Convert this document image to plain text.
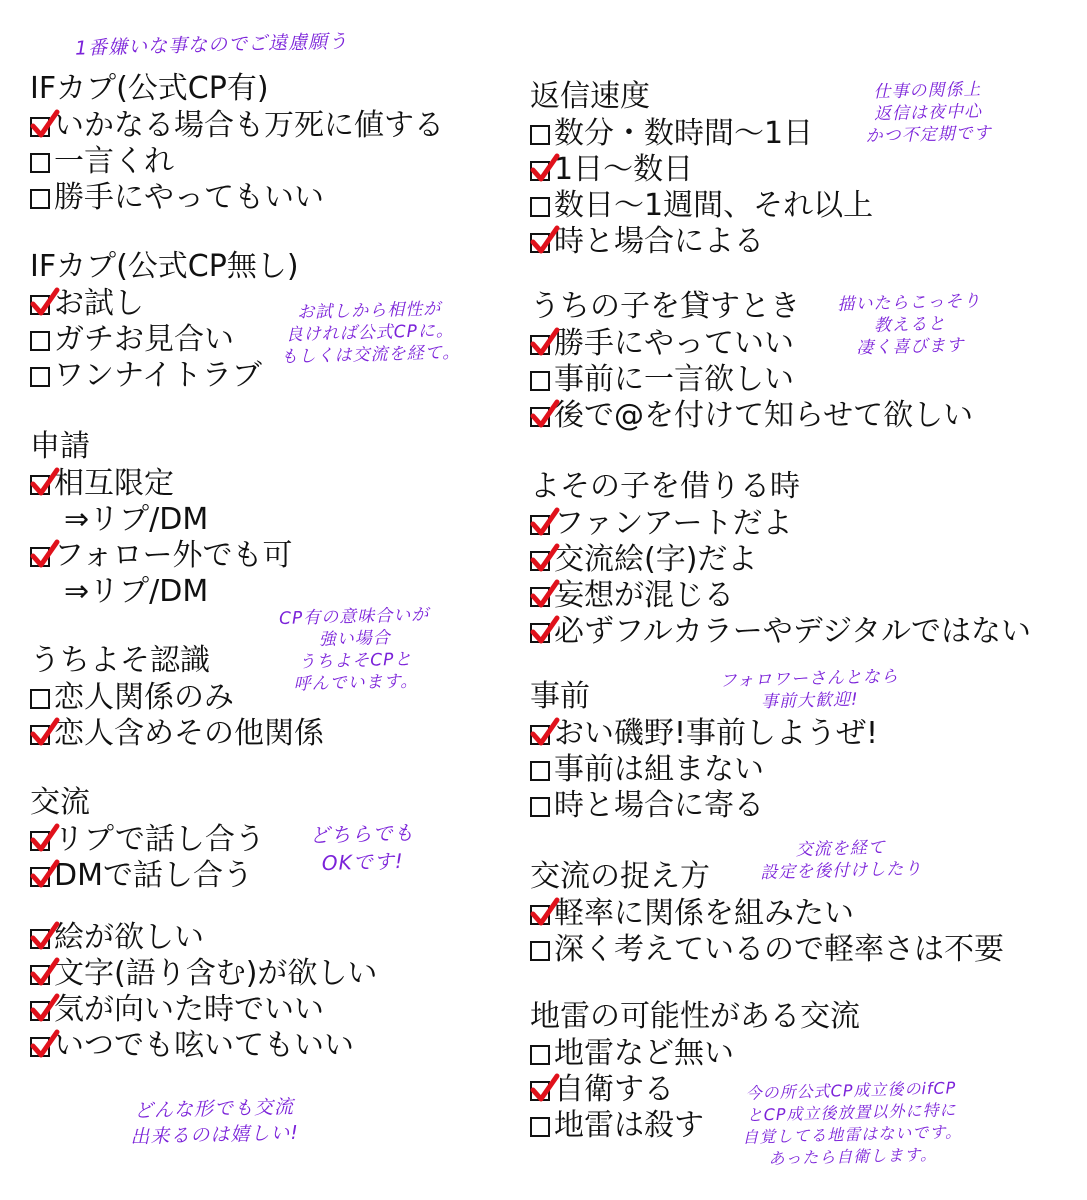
1番嫌いな事なのでご遠慮願う
IFカプ(公式CP有)
いかなる場合も万死に値する
一言くれ
勝手にやってもいい
IFカプ(公式CP無し)
お試し
ガチお見合い
ワンナイトラブ
申請
相互限定
⇒リプ/DM
フォロー外でも可
⇒リプ/DM
うちよそ認識
恋人関係のみ
恋人含めその他関係
交流
リプで話し合う
DMで話し合う
絵が欲しい
文字(語り含む)が欲しい
気が向いた時でいい
いつでも呟いてもいい
返信速度
数分・数時間〜1日
1日〜数日
数日〜1週間、それ以上
時と場合による
うちの子を貸すとき
勝手にやっていい
事前に一言欲しい
後で@を付けて知らせて欲しい
よその子を借りる時
ファンアートだよ
交流絵(字)だよ
妄想が混じる
必ずフルカラーやデジタルではない
事前
おい磯野!事前しようぜ!
事前は組まない
時と場合に寄る
交流の捉え方
軽率に関係を組みたい
深く考えているので軽率さは不要
地雷の可能性がある交流
地雷など無い
自衛する
地雷は殺す
仕事の関係上
返信は夜中心
かつ不定期です
お試しから相性が
良ければ公式CPに。
もしくは交流を経て。
描いたらこっそり
教えると
凄く喜びます
CP有の意味合いが
強い場合
うちよそCPと
呼んでいます。	フォロワーさんとなら
事前大歓迎!
どちらでも
OKです!	交流を経て
設定を後付けしたり
どんな形でも交流
出来るのは嬉しい!
今の所公式CP成立後のifCP
とCP成立後放置以外に特に
自覚してる地雷はないです。
あったら自衛します。
